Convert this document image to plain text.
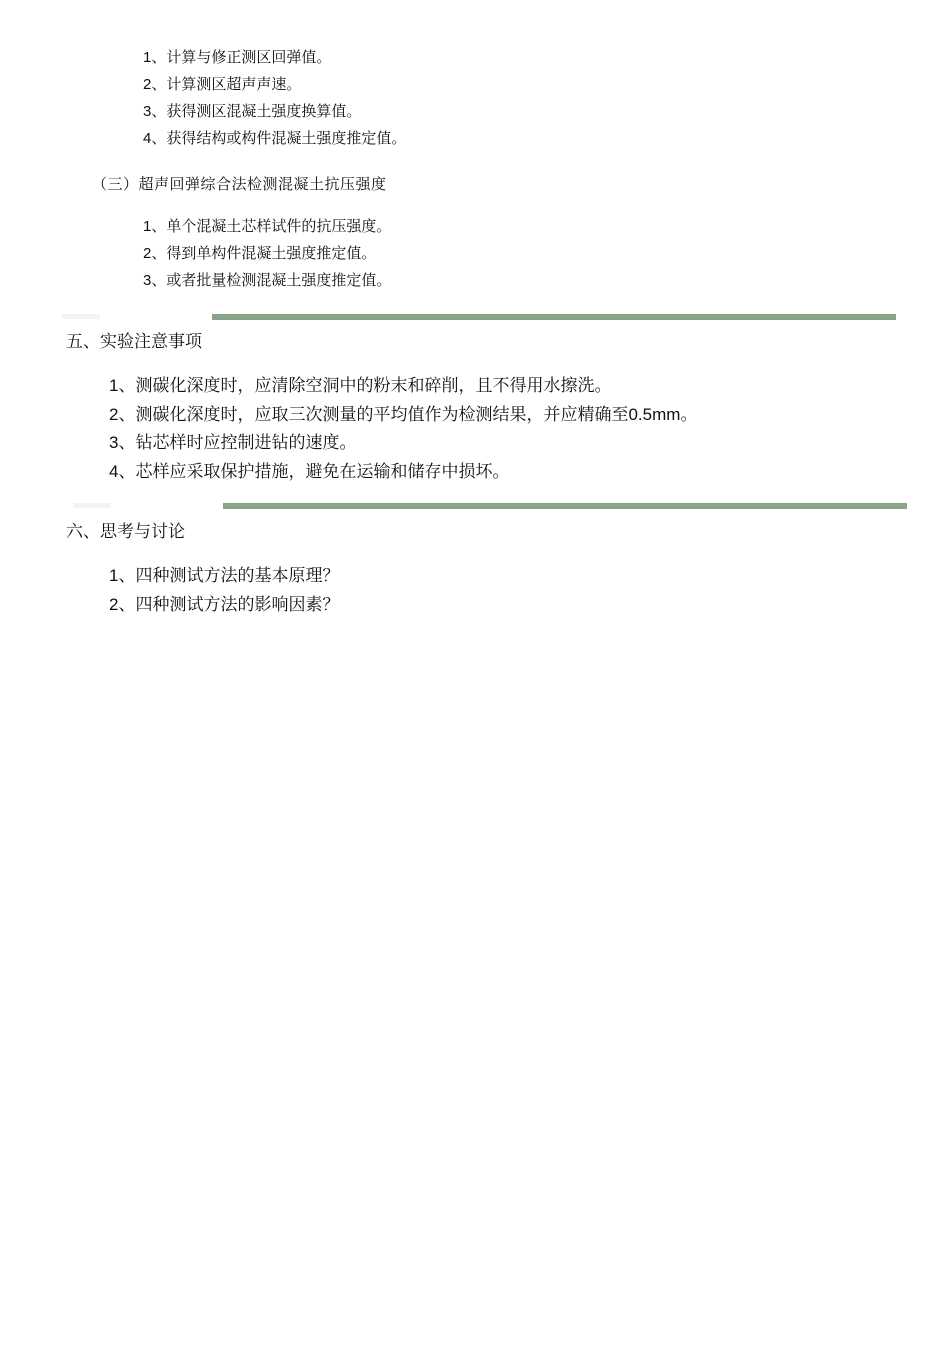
1、计算与修正测区回弹值。
2、计算测区超声声速。
3、获得测区混凝土强度换算值。
4、获得结构或构件混凝土强度推定值。
（三）超声回弹综合法检测混凝土抗压强度
1、单个混凝土芯样试件的抗压强度。
2、得到单构件混凝土强度推定值。
3、或者批量检测混凝土强度推定值。
五、实验注意事项
1、测碳化深度时，应清除空洞中的粉末和碎削，且不得用水擦洗。
2、测碳化深度时，应取三次测量的平均值作为检测结果，并应精确至0.5mm。
3、钻芯样时应控制进钻的速度。
4、芯样应采取保护措施，避免在运输和储存中损坏。
六、思考与讨论
1、四种测试方法的基本原理？
2、四种测试方法的影响因素？
